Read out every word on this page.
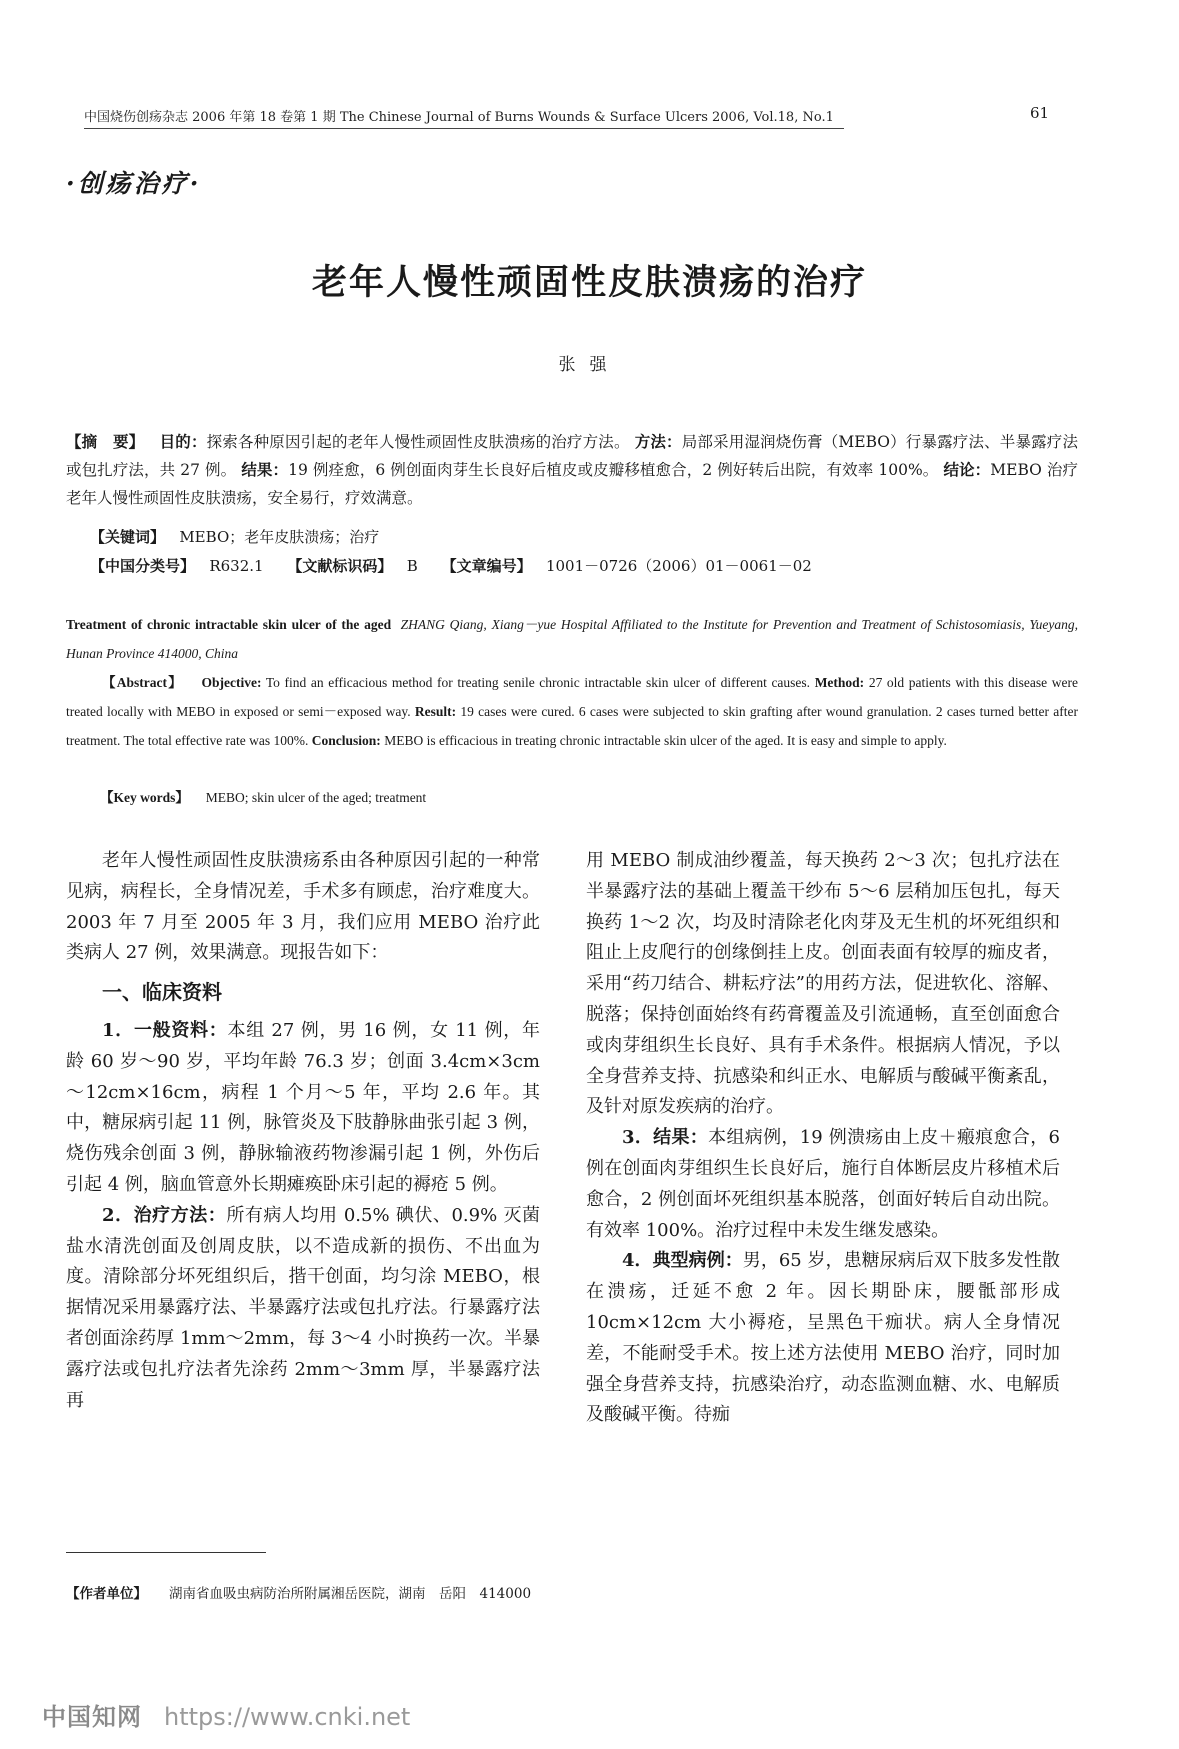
中国烧伤创疡杂志 2006 年第 18 卷第 1 期 The Chinese Journal of Burns Wounds & Surface Ulcers 2006, Vol.18, No.1	61
·创疡治疗·
老年人慢性顽固性皮肤溃疡的治疗
张强
【摘　要】 目的：探索各种原因引起的老年人慢性顽固性皮肤溃疡的治疗方法。 方法：局部采用湿润烧伤膏（MEBO）行暴露疗法、半暴露疗法或包扎疗法，共 27 例。 结果：19 例痊愈，6 例创面肉芽生长良好后植皮或皮瓣移植愈合，2 例好转后出院，有效率 100%。 结论：MEBO 治疗老年人慢性顽固性皮肤溃疡，安全易行，疗效满意。
【关键词】 MEBO；老年皮肤溃疡；治疗
【中国分类号】 R632.1 【文献标识码】 B 【文章编号】 1001－0726（2006）01－0061－02
Treatment of chronic intractable skin ulcer of the aged ZHANG Qiang, Xiang－yue Hospital Affiliated to the Institute for Prevention and Treatment of Schistosomiasis, Yueyang, Hunan Province 414000, China
【Abstract】 Objective: To find an efficacious method for treating senile chronic intractable skin ulcer of different causes. Method: 27 old patients with this disease were treated locally with MEBO in exposed or semi－exposed way. Result: 19 cases were cured. 6 cases were subjected to skin grafting after wound granulation. 2 cases turned better after treatment. The total effective rate was 100%. Conclusion: MEBO is efficacious in treating chronic intractable skin ulcer of the aged. It is easy and simple to apply.
【Key words】 MEBO; skin ulcer of the aged; treatment

老年人慢性顽固性皮肤溃疡系由各种原因引起的一种常见病，病程长，全身情况差，手术多有顾虑，治疗难度大。2003 年 7 月至 2005 年 3 月，我们应用 MEBO 治疗此类病人 27 例，效果满意。现报告如下：

一、临床资料

1．一般资料：本组 27 例，男 16 例，女 11 例，年龄 60 岁～90 岁，平均年龄 76.3 岁；创面 3.4cm×3cm～12cm×16cm，病程 1 个月～5 年，平均 2.6 年。其中，糖尿病引起 11 例，脉管炎及下肢静脉曲张引起 3 例，烧伤残余创面 3 例，静脉输液药物渗漏引起 1 例，外伤后引起 4 例，脑血管意外长期瘫痪卧床引起的褥疮 5 例。

2．治疗方法：所有病人均用 0.5% 碘伏、0.9% 灭菌盐水清洗创面及创周皮肤，以不造成新的损伤、不出血为度。清除部分坏死组织后，揩干创面，均匀涂 MEBO，根据情况采用暴露疗法、半暴露疗法或包扎疗法。行暴露疗法者创面涂药厚 1mm～2mm，每 3～4 小时换药一次。半暴露疗法或包扎疗法者先涂药 2mm～3mm 厚，半暴露疗法再

用 MEBO 制成油纱覆盖，每天换药 2～3 次；包扎疗法在半暴露疗法的基础上覆盖干纱布 5～6 层稍加压包扎，每天换药 1～2 次，均及时清除老化肉芽及无生机的坏死组织和阻止上皮爬行的创缘倒挂上皮。创面表面有较厚的痂皮者，采用“药刀结合、耕耘疗法”的用药方法，促进软化、溶解、脱落；保持创面始终有药膏覆盖及引流通畅，直至创面愈合或肉芽组织生长良好、具有手术条件。根据病人情况，予以全身营养支持、抗感染和纠正水、电解质与酸碱平衡紊乱，及针对原发疾病的治疗。

3．结果：本组病例，19 例溃疡由上皮＋瘢痕愈合，6 例在创面肉芽组织生长良好后，施行自体断层皮片移植术后愈合，2 例创面坏死组织基本脱落，创面好转后自动出院。有效率 100%。治疗过程中未发生继发感染。

4．典型病例：男，65 岁，患糖尿病后双下肢多发性散在溃疡，迁延不愈 2 年。因长期卧床，腰骶部形成 10cm×12cm 大小褥疮，呈黑色干痂状。病人全身情况差，不能耐受手术。按上述方法使用 MEBO 治疗，同时加强全身营养支持，抗感染治疗，动态监测血糖、水、电解质及酸碱平衡。待痂

【作者单位】 湖南省血吸虫病防治所附属湘岳医院，湖南　岳阳　414000
中国知网 https://www.cnki.net
